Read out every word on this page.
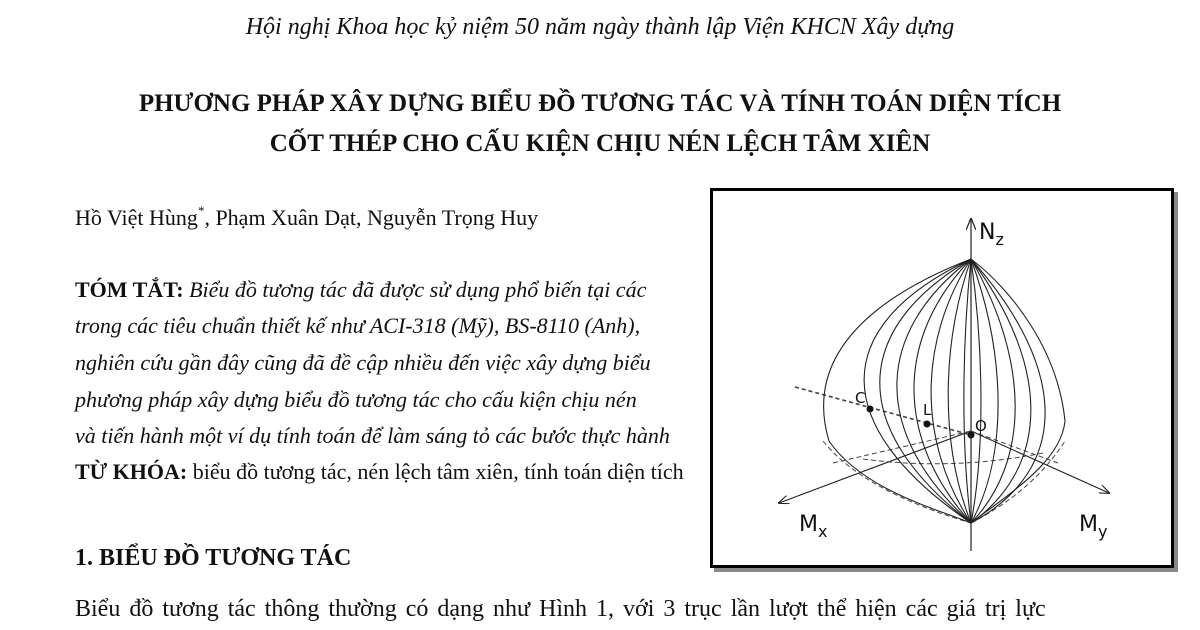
Hội nghị Khoa học kỷ niệm 50 năm ngày thành lập Viện KHCN Xây dựng
PHƯƠNG PHÁP XÂY DỰNG BIỂU ĐỒ TƯƠNG TÁC VÀ TÍNH TOÁN DIỆN TÍCH
CỐT THÉP CHO CẤU KIỆN CHỊU NÉN LỆCH TÂM XIÊN
Hồ Việt Hùng*, Phạm Xuân Dạt, Nguyễn Trọng Huy
TÓM TẮT: Biểu đồ tương tác đã được sử dụng phổ biến tại các
trong các tiêu chuẩn thiết kế như ACI-318 (Mỹ), BS-8110 (Anh),
nghiên cứu gần đây cũng đã đề cập nhiều đến việc xây dựng biểu
phương pháp xây dựng biểu đồ tương tác cho cấu kiện chịu nén
và tiến hành một ví dụ tính toán để làm sáng tỏ các bước thực hành
TỪ KHÓA: biểu đồ tương tác, nén lệch tâm xiên, tính toán diện tích
1. BIỂU ĐỒ TƯƠNG TÁC
Biểu đồ tương tác thông thường có dạng như Hình 1, với 3 trục lần lượt thể hiện các giá trị lực
$N_z$
$M_x$	$M_y$
C
L
O
